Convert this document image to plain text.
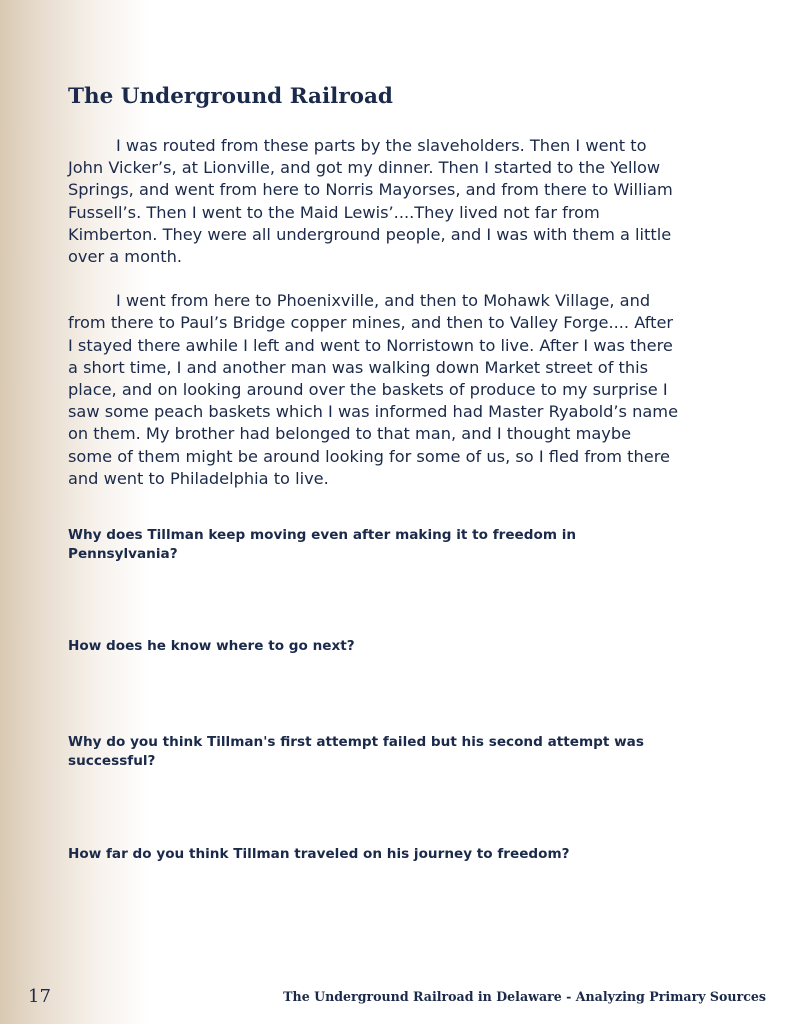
The Underground Railroad

I was routed from these parts by the slaveholders. Then I went to John Vicker’s, at Lionville, and got my dinner. Then I started to the Yellow Springs, and went from here to Norris Mayorses, and from there to William Fussell’s. Then I went to the Maid Lewis’....They lived not far from Kimberton. They were all underground people, and I was with them a little over a month.

I went from here to Phoenixville, and then to Mohawk Village, and from there to Paul’s Bridge copper mines, and then to Valley Forge.... After I stayed there awhile I left and went to Norristown to live. After I was there a short time, I and another man was walking down Market street of this place, and on looking around over the baskets of produce to my surprise I saw some peach baskets which I was informed had Master Ryabold’s name on them. My brother had belonged to that man, and I thought maybe some of them might be around looking for some of us, so I fled from there and went to Philadelphia to live.

Why does Tillman keep moving even after making it to freedom in Pennsylvania?

How does he know where to go next?

Why do you think Tillman's first attempt failed but his second attempt was successful?

How far do you think Tillman traveled on his journey to freedom?

17	The Underground Railroad in Delaware - Analyzing Primary Sources
